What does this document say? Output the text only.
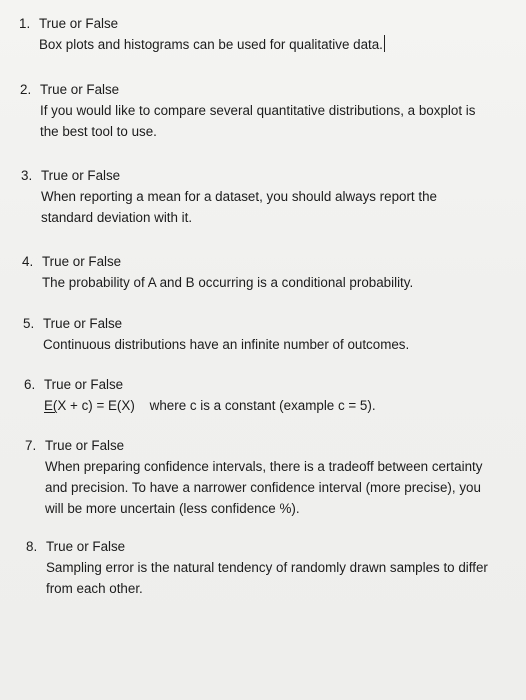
1. True or False
Box plots and histograms can be used for qualitative data.
2. True or False
If you would like to compare several quantitative distributions, a boxplot is
the best tool to use.
3. True or False
When reporting a mean for a dataset, you should always report the
standard deviation with it.
4. True or False
The probability of A and B occurring is a conditional probability.
5. True or False
Continuous distributions have an infinite number of outcomes.
6. True or False
E(X + c) = E(X) where c is a constant (example c = 5).
7. True or False
When preparing confidence intervals, there is a tradeoff between certainty
and precision. To have a narrower confidence interval (more precise), you
will be more uncertain (less confidence %).
8. True or False
Sampling error is the natural tendency of randomly drawn samples to differ
from each other.
